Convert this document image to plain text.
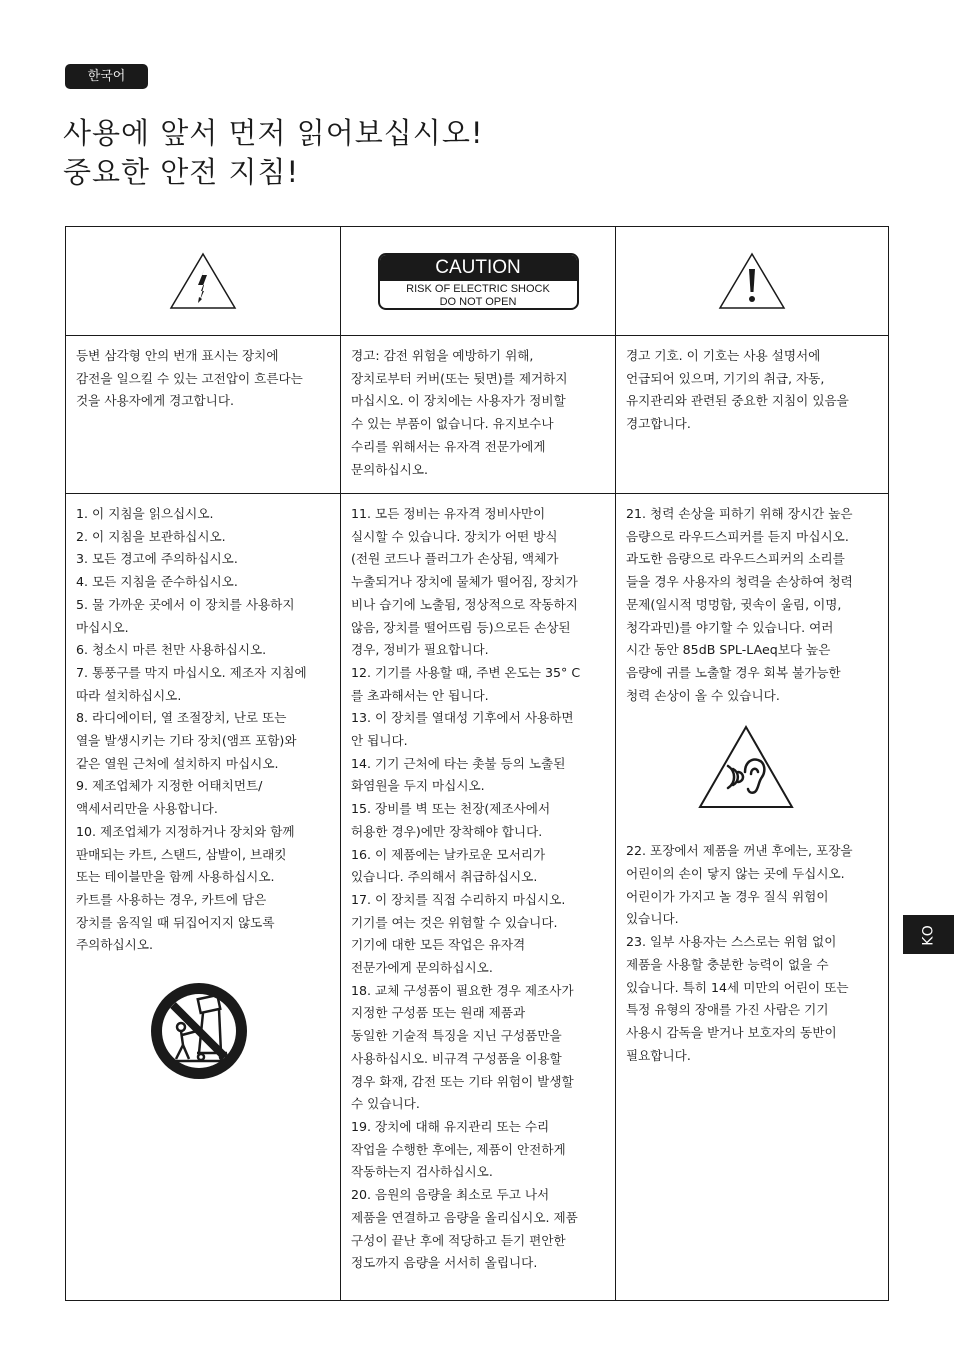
한국어
사용에 앞서 먼저 읽어보십시오!
중요한 안전 지침!
KO
CAUTION
RISK OF ELECTRIC SHOCK
DO NOT OPEN

등변 삼각형 안의 번개 표시는 장치에

감전을 일으킬 수 있는 고전압이 흐른다는

것을 사용자에게 경고합니다.

경고: 감전 위험을 예방하기 위해,

장치로부터 커버(또는 뒷면)를 제거하지

마십시오. 이 장치에는 사용자가 정비할

수 있는 부품이 없습니다. 유지보수나

수리를 위해서는 유자격 전문가에게

문의하십시오.

경고 기호. 이 기호는 사용 설명서에

언급되어 있으며, 기기의 취급, 자동,

유지관리와 관련된 중요한 지침이 있음을

경고합니다.

1. 이 지침을 읽으십시오.

2. 이 지침을 보관하십시오.

3. 모든 경고에 주의하십시오.

4. 모든 지침을 준수하십시오.

5. 물 가까운 곳에서 이 장치를 사용하지

마십시오.

6. 청소시 마른 천만 사용하십시오.

7. 통풍구를 막지 마십시오. 제조자 지침에

따라 설치하십시오.

8. 라디에이터, 열 조절장치, 난로 또는

열을 발생시키는 기타 장치(앰프 포함)와

같은 열원 근처에 설치하지 마십시오.

9. 제조업체가 지정한 어태치먼트/

액세서리만을 사용합니다.

10. 제조업체가 지정하거나 장치와 함께

판매되는 카트, 스탠드, 삼발이, 브래킷

또는 테이블만을 함께 사용하십시오.

카트를 사용하는 경우, 카트에 담은

장치를 움직일 때 뒤집어지지 않도록

주의하십시오.

11. 모든 정비는 유자격 정비사만이

실시할 수 있습니다. 장치가 어떤 방식

(전원 코드나 플러그가 손상됨, 액체가

누출되거나 장치에 물체가 떨어짐, 장치가

비나 습기에 노출됨, 정상적으로 작동하지

않음, 장치를 떨어뜨림 등)으로든 손상된

경우, 정비가 필요합니다.

12. 기기를 사용할 때, 주변 온도는 35° C

를 초과해서는 안 됩니다.

13. 이 장치를 열대성 기후에서 사용하면

안 됩니다.

14. 기기 근처에 타는 촛불 등의 노출된

화염원을 두지 마십시오.

15. 장비를 벽 또는 천장(제조사에서

허용한 경우)에만 장착해야 합니다.

16. 이 제품에는 날카로운 모서리가

있습니다. 주의해서 취급하십시오.

17. 이 장치를 직접 수리하지 마십시오.

기기를 여는 것은 위험할 수 있습니다.

기기에 대한 모든 작업은 유자격

전문가에게 문의하십시오.

18. 교체 구성품이 필요한 경우 제조사가

지정한 구성품 또는 원래 제품과

동일한 기술적 특징을 지닌 구성품만을

사용하십시오. 비규격 구성품을 이용할

경우 화재, 감전 또는 기타 위험이 발생할

수 있습니다.

19. 장치에 대해 유지관리 또는 수리

작업을 수행한 후에는, 제품이 안전하게

작동하는지 검사하십시오.

20. 음원의 음량을 최소로 두고 나서

제품을 연결하고 음량을 올리십시오. 제품

구성이 끝난 후에 적당하고 듣기 편안한

정도까지 음량을 서서히 올립니다.

21. 청력 손상을 피하기 위해 장시간 높은

음량으로 라우드스피커를 듣지 마십시오.

과도한 음량으로 라우드스피커의 소리를

들을 경우 사용자의 청력을 손상하여 청력

문제(일시적 멍멍함, 귓속이 울림, 이명,

청각과민)를 야기할 수 있습니다. 여러

시간 동안 85dB SPL-LAeq보다 높은

음량에 귀를 노출할 경우 회복 불가능한

청력 손상이 올 수 있습니다.

22. 포장에서 제품을 꺼낸 후에는, 포장을

어린이의 손이 닿지 않는 곳에 두십시오.

어린이가 가지고 놀 경우 질식 위험이

있습니다.

23. 일부 사용자는 스스로는 위험 없이

제품을 사용할 충분한 능력이 없을 수

있습니다. 특히 14세 미만의 어린이 또는

특정 유형의 장애를 가진 사람은 기기

사용시 감독을 받거나 보호자의 동반이

필요합니다.
